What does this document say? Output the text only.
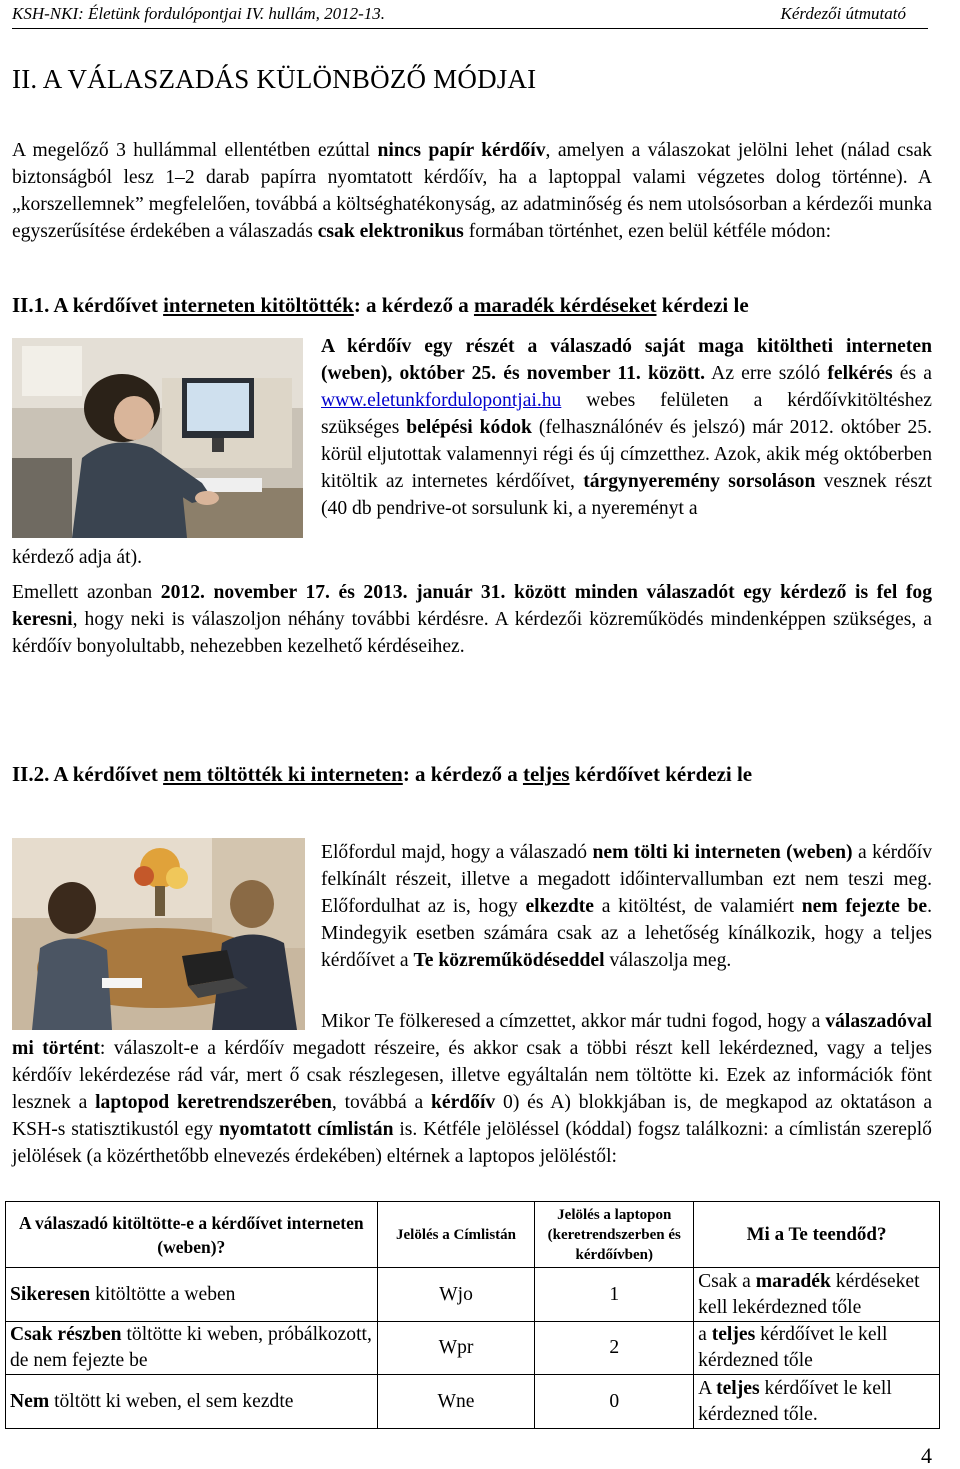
KSH-NKI: Életünk fordulópontjai IV. hullám, 2012-13.	Kérdezői útmutató
II. A VÁLASZADÁS KÜLÖNBÖZŐ MÓDJAI

A megelőző 3 hullámmal ellentétben ezúttal nincs papír kérdőív, amelyen a válaszokat jelölni lehet (nálad csak biztonságból lesz 1–2 darab papírra nyomtatott kérdőív, ha a laptoppal valami végzetes dolog történne). A „korszellemnek” megfelelően, továbbá a költséghatékonyság, az adatminőség és nem utolsósorban a kérdezői munka egyszerűsítése érdekében a válaszadás csak elektronikus formában történhet, ezen belül kétféle módon:

II.1. A kérdőívet interneten kitöltötték: a kérdező a maradék kérdéseket kérdezi le

A kérdőív egy részét a válaszadó saját maga kitöltheti interneten (weben), október 25. és november 11. között. Az erre szóló felkérés és a www.eletunkfordulopontjai.hu webes felületen a kérdőívkitöltéshez szükséges belépési kódok (felhasználónév és jelszó) már 2012. október 25. körül eljutottak valamennyi régi és új címzetthez. Azok, akik még októberben kitöltik az internetes kérdőívet, tárgynyeremény sorsoláson vesznek részt (40 db pendrive-ot sorsulunk ki, a nyereményt a

kérdező adja át).

Emellett azonban 2012. november 17. és 2013. január 31. között minden válaszadót egy kérdező is fel fog keresni, hogy neki is válaszoljon néhány további kérdésre. A kérdezői közreműködés mindenképpen szükséges, a kérdőív bonyolultabb, nehezebben kezelhető kérdéseihez.

II.2. A kérdőívet nem töltötték ki interneten: a kérdező a teljes kérdőívet kérdezi le

Előfordul majd, hogy a válaszadó nem tölti ki interneten (weben) a kérdőív felkínált részeit, illetve a megadott időintervallumban ezt nem teszi meg. Előfordulhat az is, hogy elkezdte a kitöltést, de valamiért nem fejezte be. Mindegyik esetben számára csak az a lehetőség kínálkozik, hogy a teljes kérdőívet a Te közreműködéseddel válaszolja meg.

Mikor Te fölkeresed a címzettet, akkor már tudni fogod, hogy a válaszadóval mi történt: válaszolt-e a kérdőív megadott részeire, és akkor csak a többi részt kell lekérdezned, vagy a teljes kérdőív lekérdezése rád vár, mert ő csak részlegesen, illetve egyáltalán nem töltötte ki. Ezek az információk fönt lesznek a laptopod keretrendszerében, továbbá a kérdőív 0) és A) blokkjában is, de megkapod az oktatáson a KSH-s statisztikustól egy nyomtatott címlistán is. Kétféle jelöléssel (kóddal) fogsz találkozni: a címlistán szereplő jelölések (a közérthetőbb elnevezés érdekében) eltérnek a laptopos jelöléstől:

A válaszadó kitöltötte-e a kérdőívet interneten (weben)?	Jelölés a Címlistán	Jelölés a laptopon (keretrendszerben és kérdőívben)	Mi a Te teendőd?
Sikeresen kitöltötte a weben	Wjo	1	Csak a maradék kérdéseket kell lekérdezned tőle
Csak részben töltötte ki weben, próbálkozott, de nem fejezte be	Wpr	2	a teljes kérdőívet le kell kérdezned tőle
Nem töltött ki weben, el sem kezdte	Wne	0	A teljes kérdőívet le kell kérdezned tőle.
4
